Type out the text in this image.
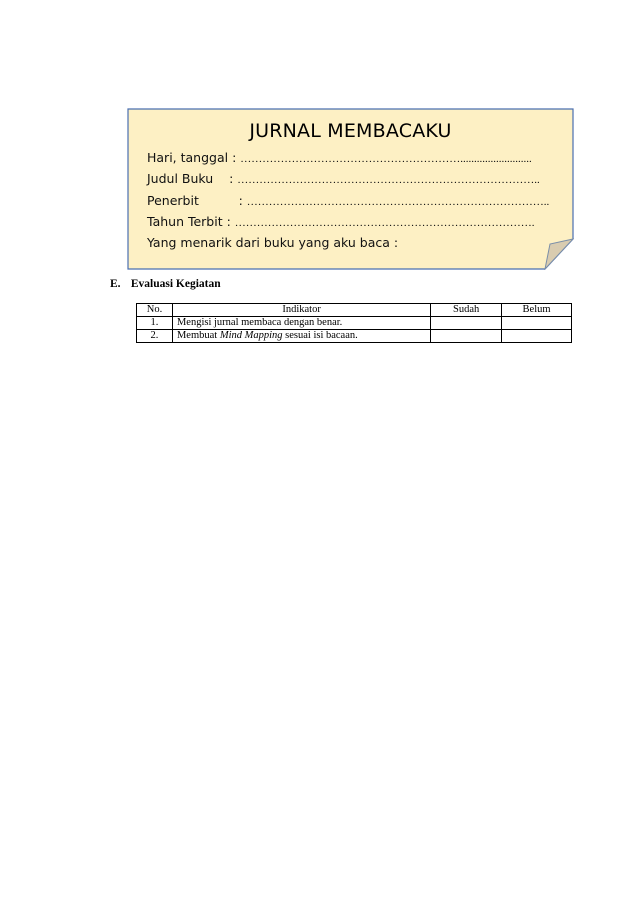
JURNAL MEMBACAKU
Hari, tanggal : ……………………………………………………..........................
Judul Buku    : ………………………………………………………………………..
Penerbit          : ………………………………………………………………………..
Tahun Terbit : ……………………………………………………………………….
Yang menarik dari buku yang aku baca :
E. Evaluasi Kegiatan
No.	Indikator	Sudah	Belum
1.	Mengisi jurnal membaca dengan benar.		
2.	Membuat Mind Mapping sesuai isi bacaan.		
